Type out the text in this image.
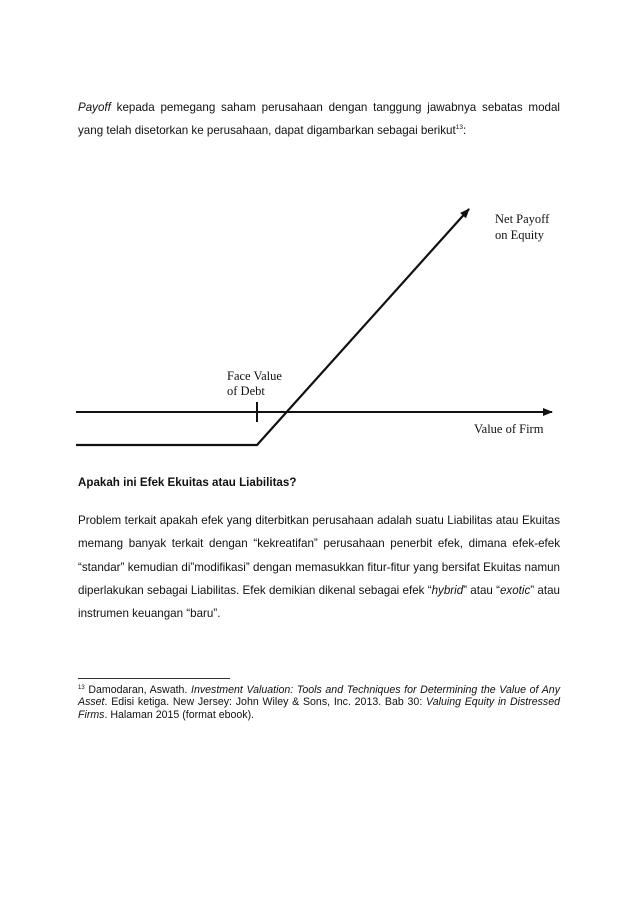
Payoff kepada pemegang saham perusahaan dengan tanggung jawabnya sebatas modal yang telah disetorkan ke perusahaan, dapat digambarkan sebagai berikut$^{13}$:

Net Payoff
on Equity
Face Value
of Debt
Value of Firm
Apakah ini Efek Ekuitas atau Liabilitas?

Problem terkait apakah efek yang diterbitkan perusahaan adalah suatu Liabilitas atau Ekuitas memang banyak terkait dengan “kekreatifan” perusahaan penerbit efek, dimana efek-efek “standar” kemudian di”modifikasi” dengan memasukkan fitur-fitur yang bersifat Ekuitas namun diperlakukan sebagai Liabilitas. Efek demikian dikenal sebagai efek “hybrid” atau “exotic” atau instrumen keuangan “baru”.

$^{13}$ Damodaran, Aswath. Investment Valuation: Tools and Techniques for Determining the Value of Any Asset. Edisi ketiga. New Jersey: John Wiley & Sons, Inc. 2013. Bab 30: Valuing Equity in Distressed Firms. Halaman 2015 (format ebook).
